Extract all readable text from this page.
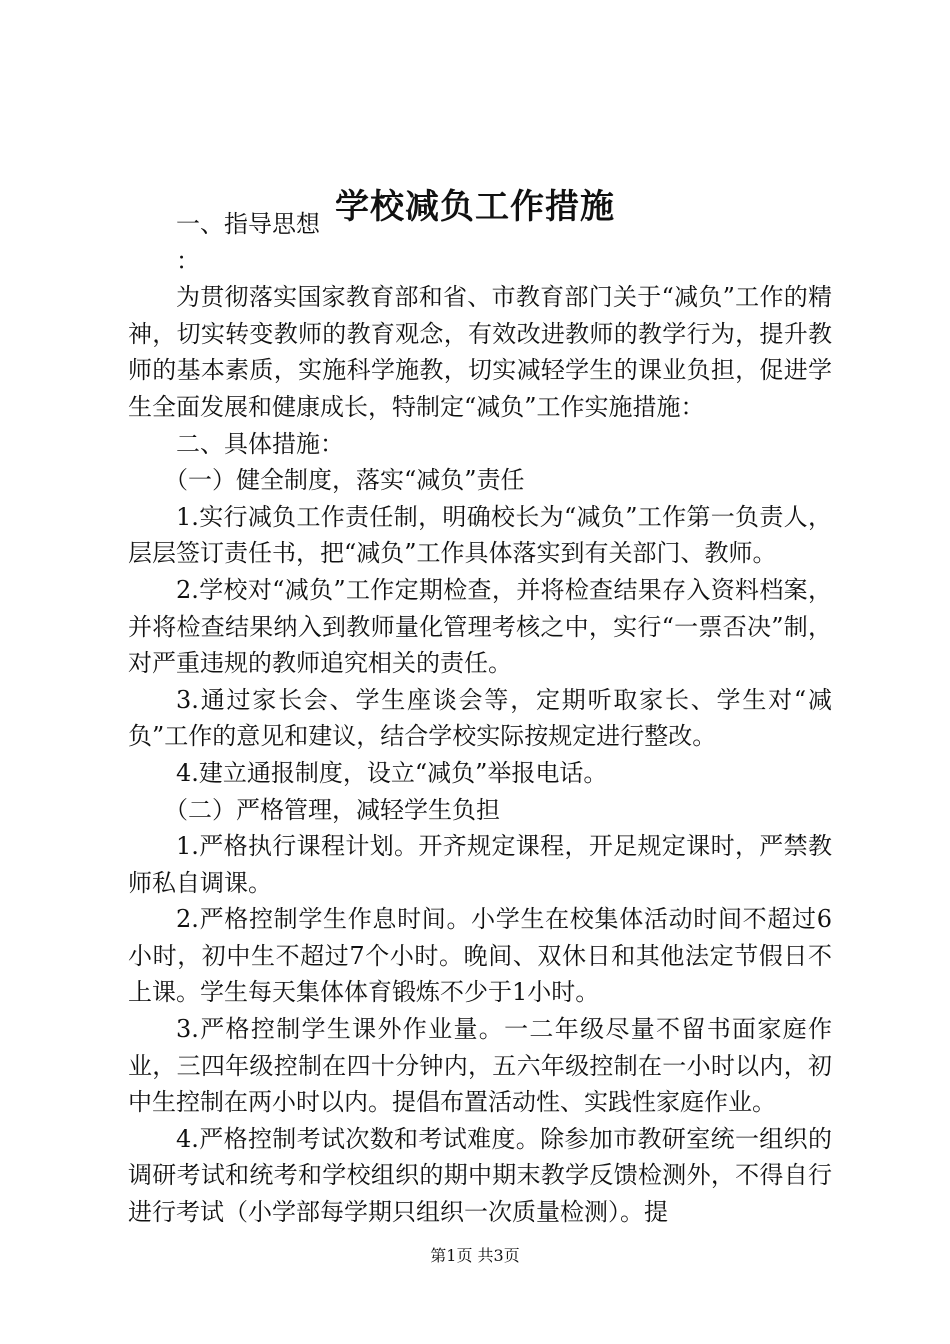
学校减负工作措施

一、指导思想

：

为贯彻落实国家教育部和省、市教育部门关于“减负”工作的精神，切实转变教师的教育观念，有效改进教师的教学行为，提升教师的基本素质，实施科学施教，切实减轻学生的课业负担，促进学生全面发展和健康成长，特制定“减负”工作实施措施：

二、具体措施：

（一）健全制度，落实“减负”责任

1.实行减负工作责任制，明确校长为“减负”工作第一负责人，层层签订责任书，把“减负”工作具体落实到有关部门、教师。

2.学校对“减负”工作定期检查，并将检查结果存入资料档案，并将检查结果纳入到教师量化管理考核之中，实行“一票否决”制，对严重违规的教师追究相关的责任。

3.通过家长会、学生座谈会等，定期听取家长、学生对“减负”工作的意见和建议，结合学校实际按规定进行整改。

4.建立通报制度，设立“减负”举报电话。

（二）严格管理，减轻学生负担

1.严格执行课程计划。开齐规定课程，开足规定课时，严禁教师私自调课。

2.严格控制学生作息时间。小学生在校集体活动时间不超过6小时，初中生不超过7个小时。晚间、双休日和其他法定节假日不上课。学生每天集体体育锻炼不少于1小时。

3.严格控制学生课外作业量。一二年级尽量不留书面家庭作业，三四年级控制在四十分钟内，五六年级控制在一小时以内，初中生控制在两小时以内。提倡布置活动性、实践性家庭作业。

4.严格控制考试次数和考试难度。除参加市教研室统一组织的调研考试和统考和学校组织的期中期末教学反馈检测外，不得自行进行考试（小学部每学期只组织一次质量检测）。提

第1页 共3页
